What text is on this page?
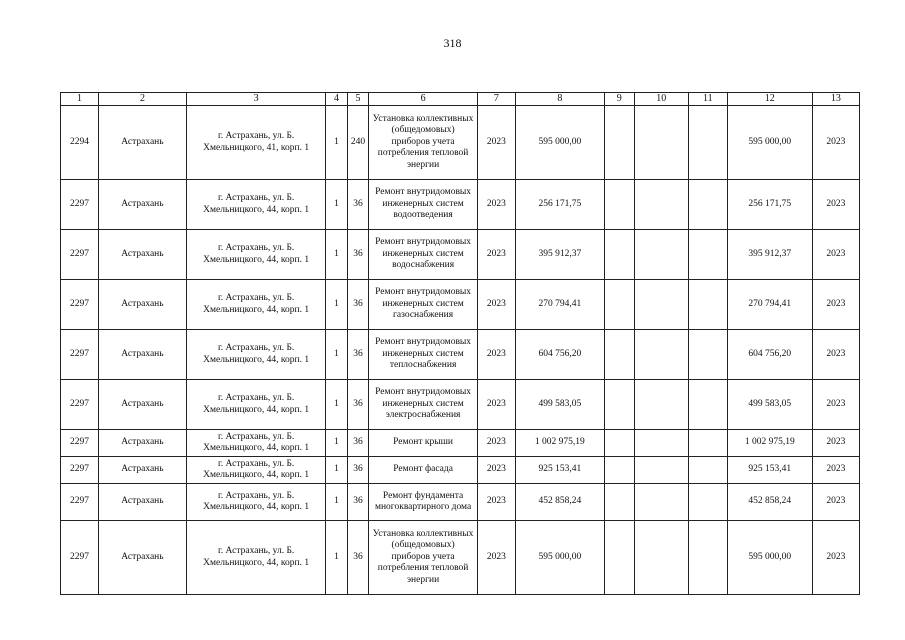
318
1	2	3	4	5	6	7	8	9	10	11	12	13
2294	Астрахань	г. Астрахань, ул. Б. Хмельницкого, 41, корп. 1	1	240	Установка коллективных (общедомовых) приборов учета потребления тепловой энергии	2023	595 000,00				595 000,00	2023
2297	Астрахань	г. Астрахань, ул. Б. Хмельницкого, 44, корп. 1	1	36	Ремонт внутридомовых инженерных систем водоотведения	2023	256 171,75				256 171,75	2023
2297	Астрахань	г. Астрахань, ул. Б. Хмельницкого, 44, корп. 1	1	36	Ремонт внутридомовых инженерных систем водоснабжения	2023	395 912,37				395 912,37	2023
2297	Астрахань	г. Астрахань, ул. Б. Хмельницкого, 44, корп. 1	1	36	Ремонт внутридомовых инженерных систем газоснабжения	2023	270 794,41				270 794,41	2023
2297	Астрахань	г. Астрахань, ул. Б. Хмельницкого, 44, корп. 1	1	36	Ремонт внутридомовых инженерных систем теплоснабжения	2023	604 756,20				604 756,20	2023
2297	Астрахань	г. Астрахань, ул. Б. Хмельницкого, 44, корп. 1	1	36	Ремонт внутридомовых инженерных систем электроснабжения	2023	499 583,05				499 583,05	2023
2297	Астрахань	г. Астрахань, ул. Б. Хмельницкого, 44, корп. 1	1	36	Ремонт крыши	2023	1 002 975,19				1 002 975,19	2023
2297	Астрахань	г. Астрахань, ул. Б. Хмельницкого, 44, корп. 1	1	36	Ремонт фасада	2023	925 153,41				925 153,41	2023
2297	Астрахань	г. Астрахань, ул. Б. Хмельницкого, 44, корп. 1	1	36	Ремонт фундамента многоквартирного дома	2023	452 858,24				452 858,24	2023
2297	Астрахань	г. Астрахань, ул. Б. Хмельницкого, 44, корп. 1	1	36	Установка коллективных (общедомовых) приборов учета потребления тепловой энергии	2023	595 000,00				595 000,00	2023
